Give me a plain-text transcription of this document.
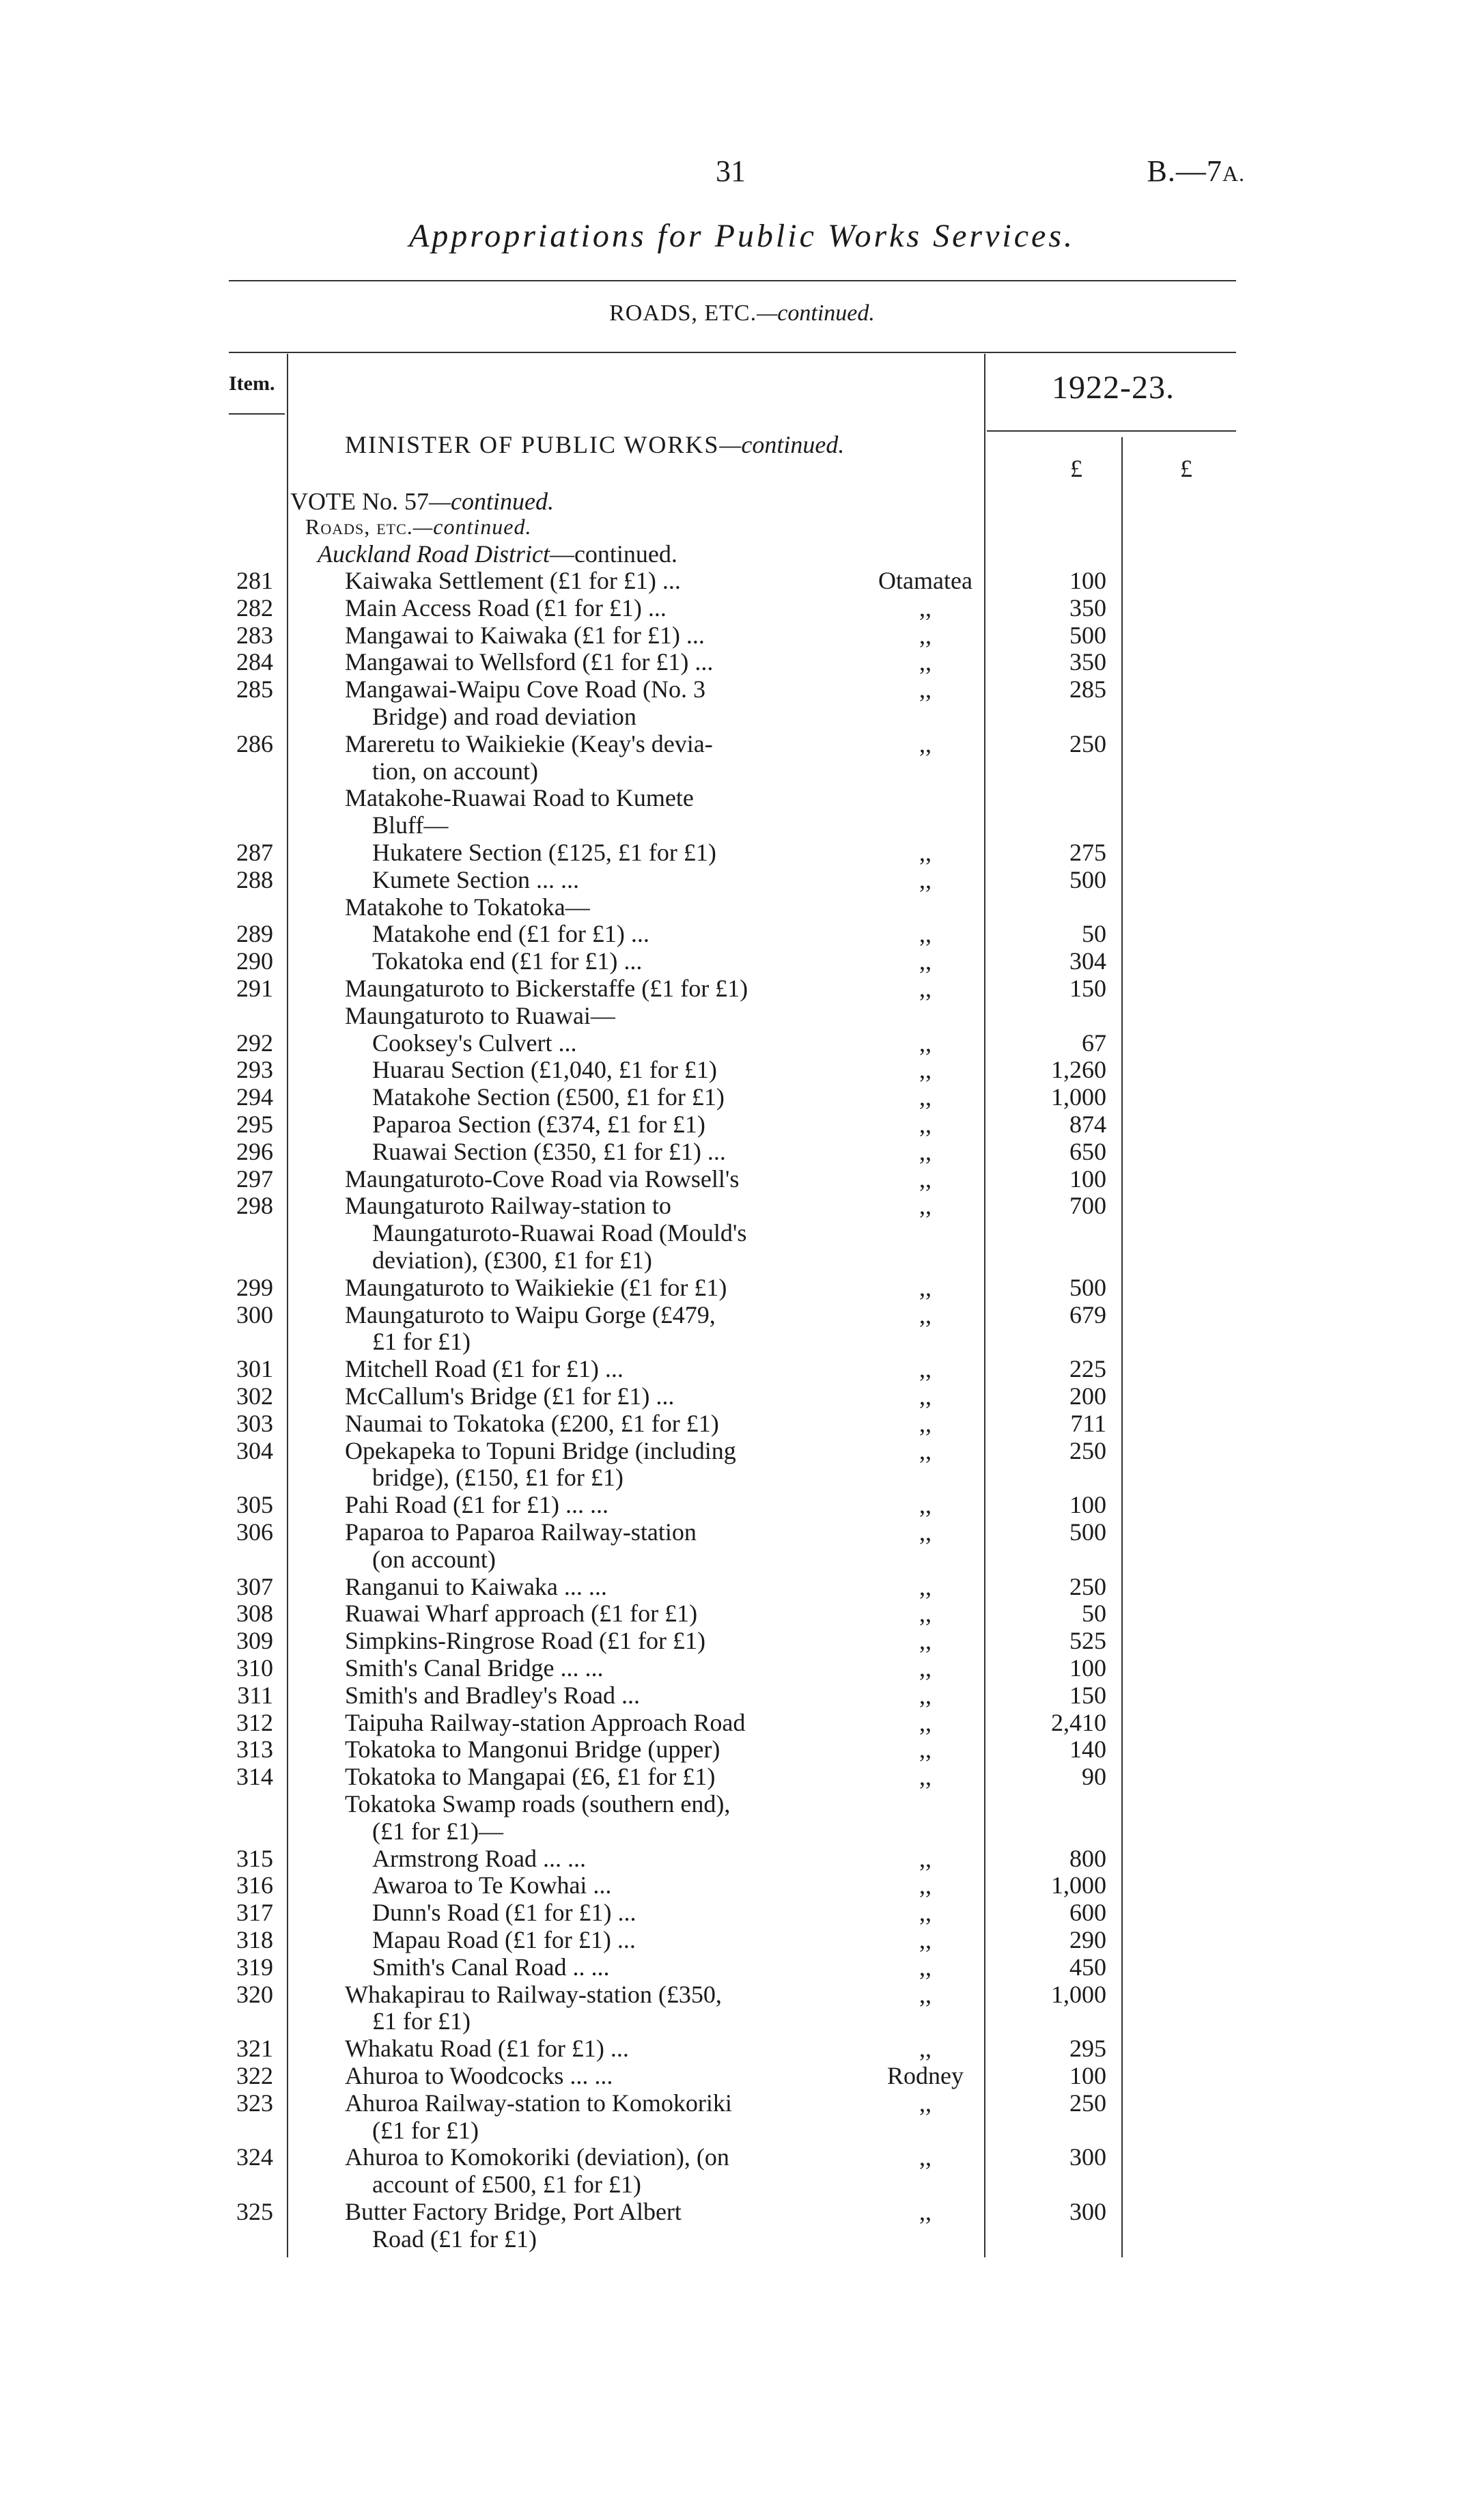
31	B.—7A.
Appropriations for Public Works Services.
ROADS, ETC.—continued.
Item.	1922-23.
MINISTER OF PUBLIC WORKS—continued.
£	£
VOTE No. 57—continued.
Roads, etc.—continued.
Auckland Road District—continued.
281	Kaiwaka Settlement (£1 for £1) ...	Otamatea	100
282	Main Access Road (£1 for £1) ...	,,	350
283	Mangawai to Kaiwaka (£1 for £1) ...	,,	500
284	Mangawai to Wellsford (£1 for £1) ...	,,	350
285	Mangawai-Waipu Cove Road (No. 3	,,	285
Bridge) and road deviation
286	Mareretu to Waikiekie (Keay's devia-	,,	250
tion, on account)
Matakohe-Ruawai Road to Kumete
Bluff—
287	Hukatere Section (£125, £1 for £1)	,,	275
288	Kumete Section ... ...	,,	500
Matakohe to Tokatoka—
289	Matakohe end (£1 for £1) ...	,,	50
290	Tokatoka end (£1 for £1) ...	,,	304
291	Maungaturoto to Bickerstaffe (£1 for £1)	,,	150
Maungaturoto to Ruawai—
292	Cooksey's Culvert ...	,,	67
293	Huarau Section (£1,040, £1 for £1)	,,	1,260
294	Matakohe Section (£500, £1 for £1)	,,	1,000
295	Paparoa Section (£374, £1 for £1)	,,	874
296	Ruawai Section (£350, £1 for £1) ...	,,	650
297	Maungaturoto-Cove Road via Rowsell's	,,	100
298	Maungaturoto Railway-station to	,,	700
Maungaturoto-Ruawai Road (Mould's
deviation), (£300, £1 for £1)
299	Maungaturoto to Waikiekie (£1 for £1)	,,	500
300	Maungaturoto to Waipu Gorge (£479,	,,	679
£1 for £1)
301	Mitchell Road (£1 for £1) ...	,,	225
302	McCallum's Bridge (£1 for £1) ...	,,	200
303	Naumai to Tokatoka (£200, £1 for £1)	,,	711
304	Opekapeka to Topuni Bridge (including	,,	250
bridge), (£150, £1 for £1)
305	Pahi Road (£1 for £1) ... ...	,,	100
306	Paparoa to Paparoa Railway-station	,,	500
(on account)
307	Ranganui to Kaiwaka ... ...	,,	250
308	Ruawai Wharf approach (£1 for £1)	,,	50
309	Simpkins-Ringrose Road (£1 for £1)	,,	525
310	Smith's Canal Bridge ... ...	,,	100
311	Smith's and Bradley's Road ...	,,	150
312	Taipuha Railway-station Approach Road	,,	2,410
313	Tokatoka to Mangonui Bridge (upper)	,,	140
314	Tokatoka to Mangapai (£6, £1 for £1)	,,	90
Tokatoka Swamp roads (southern end),
(£1 for £1)—
315	Armstrong Road ... ...	,,	800
316	Awaroa to Te Kowhai ...	,,	1,000
317	Dunn's Road (£1 for £1) ...	,,	600
318	Mapau Road (£1 for £1) ...	,,	290
319	Smith's Canal Road .. ...	,,	450
320	Whakapirau to Railway-station (£350,	,,	1,000
£1 for £1)
321	Whakatu Road (£1 for £1) ...	,,	295
322	Ahuroa to Woodcocks ... ...	Rodney	100
323	Ahuroa Railway-station to Komokoriki	,,	250
(£1 for £1)
324	Ahuroa to Komokoriki (deviation), (on	,,	300
account of £500, £1 for £1)
325	Butter Factory Bridge, Port Albert	,,	300
Road (£1 for £1)
